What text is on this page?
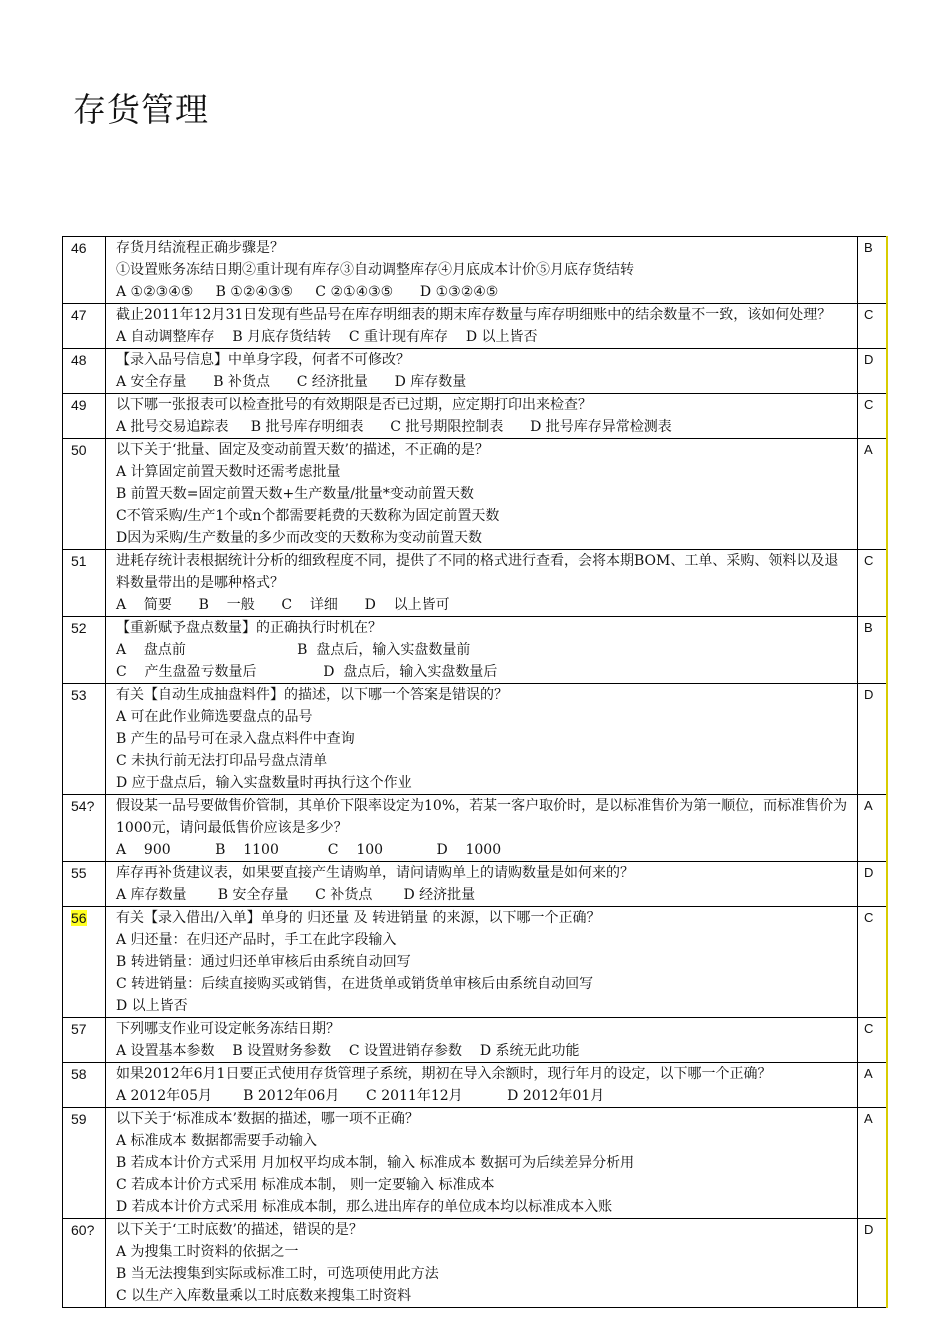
存货管理
46	存货月结流程正确步骤是？
①设置账务冻结日期②重计现有库存③自动调整库存④月底成本计价⑤月底存货结转
A ①②③④⑤     B ①②④③⑤     C ②①④③⑤      D ①③②④⑤	B
47	截止2011年12月31日发现有些品号在库存明细表的期末库存数量与库存明细账中的结余数量不一致，该如何处理？
A 自动调整库存    B 月底存货结转    C 重计现有库存    D 以上皆否	C
48	【录入品号信息】中单身字段，何者不可修改？
A 安全存量      B 补货点      C 经济批量      D 库存数量	D
49	以下哪一张报表可以检查批号的有效期限是否已过期，应定期打印出来检查？
A 批号交易追踪表     B 批号库存明细表      C 批号期限控制表      D 批号库存异常检测表	C
50	以下关于‘批量、固定及变动前置天数’的描述，不正确的是？
A 计算固定前置天数时还需考虑批量
B 前置天数=固定前置天数+生产数量/批量*变动前置天数
C不管采购/生产1个或n个都需要耗费的天数称为固定前置天数
D因为采购/生产数量的多少而改变的天数称为变动前置天数	A
51	进耗存统计表根据统计分析的细致程度不同，提供了不同的格式进行查看，会将本期BOM、工单、采购、领料以及退料数量带出的是哪种格式？
A    简要      B    一般      C    详细      D    以上皆可	C
52	【重新赋予盘点数量】的正确执行时机在？
A    盘点前                         B  盘点后，输入实盘数量前
C    产生盘盈亏数量后               D  盘点后，输入实盘数量后	B
53	有关【自动生成抽盘料件】的描述，以下哪一个答案是错误的？
A 可在此作业筛选要盘点的品号
B 产生的品号可在录入盘点料件中查询
C 未执行前无法打印品号盘点清单
D 应于盘点后，输入实盘数量时再执行这个作业	D
54?	假设某一品号要做售价管制，其单价下限率设定为10%，若某一客户取价时，是以标准售价为第一顺位，而标准售价为1000元，请问最低售价应该是多少？
A    900          B    1100           C    100            D    1000	A
55	库存再补货建议表，如果要直接产生请购单，请问请购单上的请购数量是如何来的？
A 库存数量       B 安全存量      C 补货点       D 经济批量	D
56	有关【录入借出/入单】单身的 归还量 及 转进销量 的来源，以下哪一个正确？
A 归还量：在归还产品时，手工在此字段输入
B 转进销量：通过归还单审核后由系统自动回写
C 转进销量：后续直接购买或销售，在进货单或销货单审核后由系统自动回写
D 以上皆否	C
57	下列哪支作业可设定帐务冻结日期？
A 设置基本参数    B 设置财务参数    C 设置进销存参数    D 系统无此功能	C
58	如果2012年6月1日要正式使用存货管理子系统，期初在导入余额时，现行年月的设定，以下哪一个正确？
A 2012年05月       B 2012年06月      C 2011年12月          D 2012年01月	A
59	以下关于‘标准成本’数据的描述，哪一项不正确？
A 标准成本 数据都需要手动输入
B 若成本计价方式采用 月加权平均成本制，输入 标准成本 数据可为后续差异分析用
C 若成本计价方式采用 标准成本制， 则一定要输入 标准成本
D 若成本计价方式采用 标准成本制，那么进出库存的单位成本均以标准成本入账	A
60?	以下关于‘工时底数’的描述，错误的是？
A 为搜集工时资料的依据之一
B 当无法搜集到实际或标准工时，可选项使用此方法
C 以生产入库数量乘以工时底数来搜集工时资料	D
